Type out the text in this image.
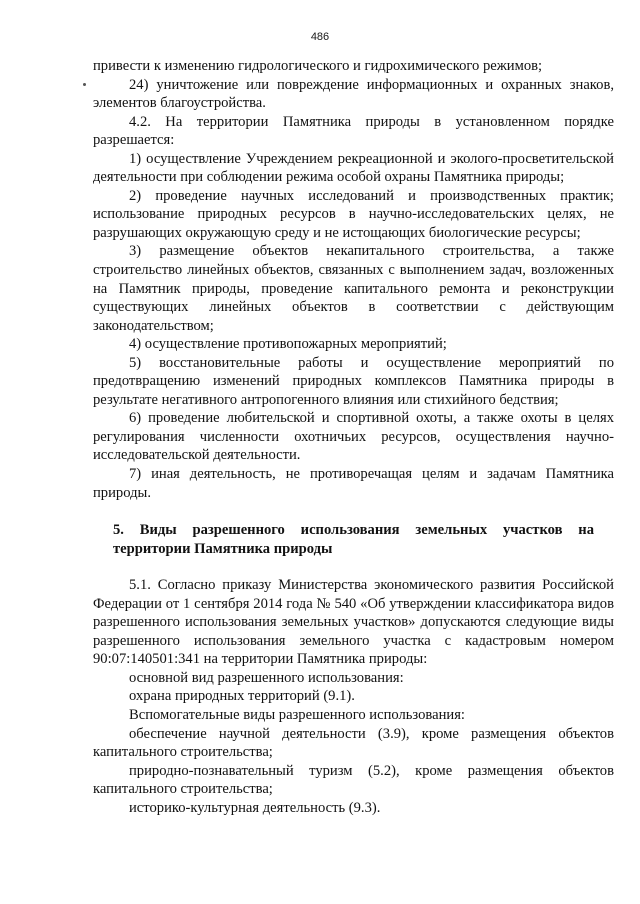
486

привести к изменению гидрологического и гидрохимического режимов;

24) уничтожение или повреждение информационных и охранных знаков, элементов благоустройства.

4.2. На территории Памятника природы в установленном порядке разрешается:

1) осуществление Учреждением рекреационной и эколого-просветительской деятельности при соблюдении режима особой охраны Памятника природы;

2) проведение научных исследований и производственных практик; использование природных ресурсов в научно-исследовательских целях, не разрушающих окружающую среду и не истощающих биологические ресурсы;

3) размещение объектов некапитального строительства, а также строительство линейных объектов, связанных с выполнением задач, возложенных на Памятник природы, проведение капитального ремонта и реконструкции существующих линейных объектов в соответствии с действующим законодательством;

4) осуществление противопожарных мероприятий;

5) восстановительные работы и осуществление мероприятий по предотвращению изменений природных комплексов Памятника природы в результате негативного антропогенного влияния или стихийного бедствия;

6) проведение любительской и спортивной охоты, а также охоты в целях регулирования численности охотничьих ресурсов, осуществления научно-исследовательской деятельности.

7) иная деятельность, не противоречащая целям и задачам Памятника природы.

5. Виды разрешенного использования земельных участков на территории Памятника природы

5.1. Согласно приказу Министерства экономического развития Российской Федерации от 1 сентября 2014 года № 540 «Об утверждении классификатора видов разрешенного использования земельных участков» допускаются следующие виды разрешенного использования земельного участка с кадастровым номером 90:07:140501:341 на территории Памятника природы:

основной вид разрешенного использования:

охрана природных территорий (9.1).

Вспомогательные виды разрешенного использования:

обеспечение научной деятельности (3.9), кроме размещения объектов капитального строительства;

природно-познавательный туризм (5.2), кроме размещения объектов капитального строительства;

историко-культурная деятельность (9.3).
